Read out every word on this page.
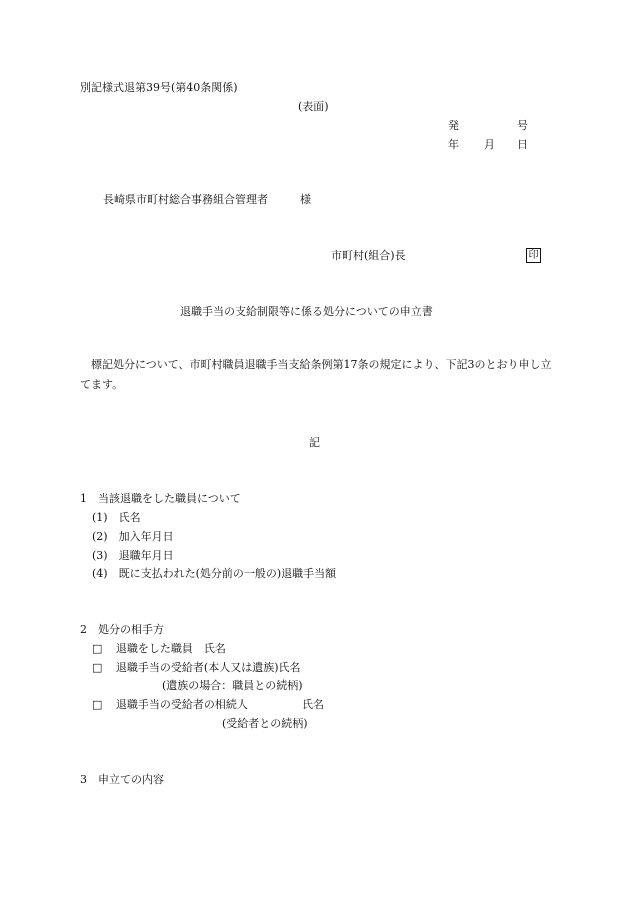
別記様式退第39号(第40条関係)
(表面)
発	号
年 月 日
長崎県市町村総合事務組合管理者	様
市町村(組合)長	印
退職手当の支給制限等に係る処分についての申立書
標記処分について、市町村職員退職手当支給条例第17条の規定により、下記3のとおり申し立てます。
記
1　当該退職をした職員について
(1)　氏名
(2)　加入年月日
(3)　退職年月日
(4)　既に支払われた(処分前の一般の)退職手当額
2　処分の相手方
□ 退職をした職員　氏名
□ 退職手当の受給者(本人又は遺族)氏名
(遺族の場合：職員との続柄)
□ 退職手当の受給者の相続人	氏名
(受給者との続柄)
3　申立ての内容
